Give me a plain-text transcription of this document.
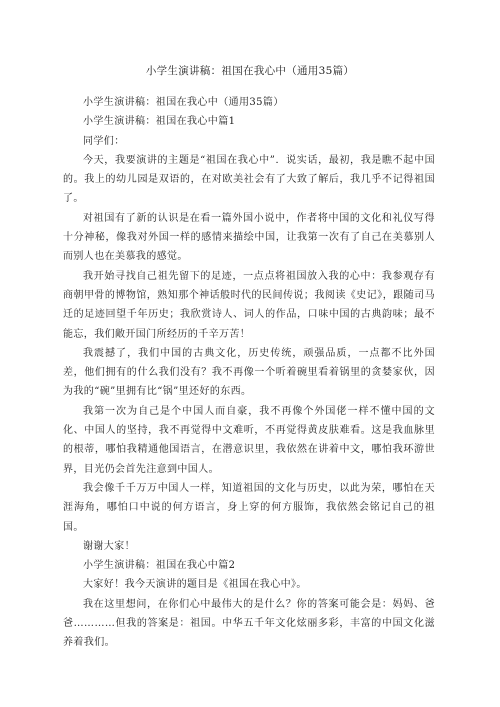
小学生演讲稿：祖国在我心中（通用35篇）

小学生演讲稿：祖国在我心中（通用35篇）

小学生演讲稿：祖国在我心中篇1

同学们：

今天，我要演讲的主题是“祖国在我心中”．说实话，最初，我是瞧不起中国的。我上的幼儿园是双语的，在对欧美社会有了大致了解后，我几乎不记得祖国了。

对祖国有了新的认识是在看一篇外国小说中，作者将中国的文化和礼仪写得十分神秘，像我对外国一样的感情来描绘中国，让我第一次有了自己在美慕别人而别人也在美慕我的感觉。

我开始寻找自己祖先留下的足迹，一点点将祖国放入我的心中：我参观存有商朝甲骨的博物馆，熟知那个神话般时代的民间传说；我阅读《史记》，跟随司马迁的足迹回望千年历史；我欣赏诗人、词人的作品，口味中国的古典韵味；最不能忘，我们敞开国门所经历的千辛万苦！

我震撼了，我们中国的古典文化，历史传统，顽强品质，一点都不比外国差，他们拥有的什么我们没有？我不再像一个听着碗里看着锅里的贪婪家伙，因为我的“碗”里拥有比“锅”里还好的东西。

我第一次为自己是个中国人而自豪，我不再像个外国佬一样不懂中国的文化、中国人的坚持，我不再觉得中文难听，不再觉得黄皮肤难看。这是我血脉里的根蒂，哪怕我精通他国语言，在潜意识里，我依然在讲着中文，哪怕我环游世界，目光仍会首先注意到中国人。

我会像千千万万中国人一样，知道祖国的文化与历史，以此为荣，哪怕在天涯海角，哪怕口中说的何方语言，身上穿的何方服饰，我依然会铭记自己的祖国。

谢谢大家！

小学生演讲稿：祖国在我心中篇2

大家好！我今天演讲的题目是《祖国在我心中》。

我在这里想问，在你们心中最伟大的是什么？你的答案可能会是：妈妈、爸爸…………但我的答案是：祖国。中华五千年文化炫丽多彩，丰富的中国文化滋养着我们。
